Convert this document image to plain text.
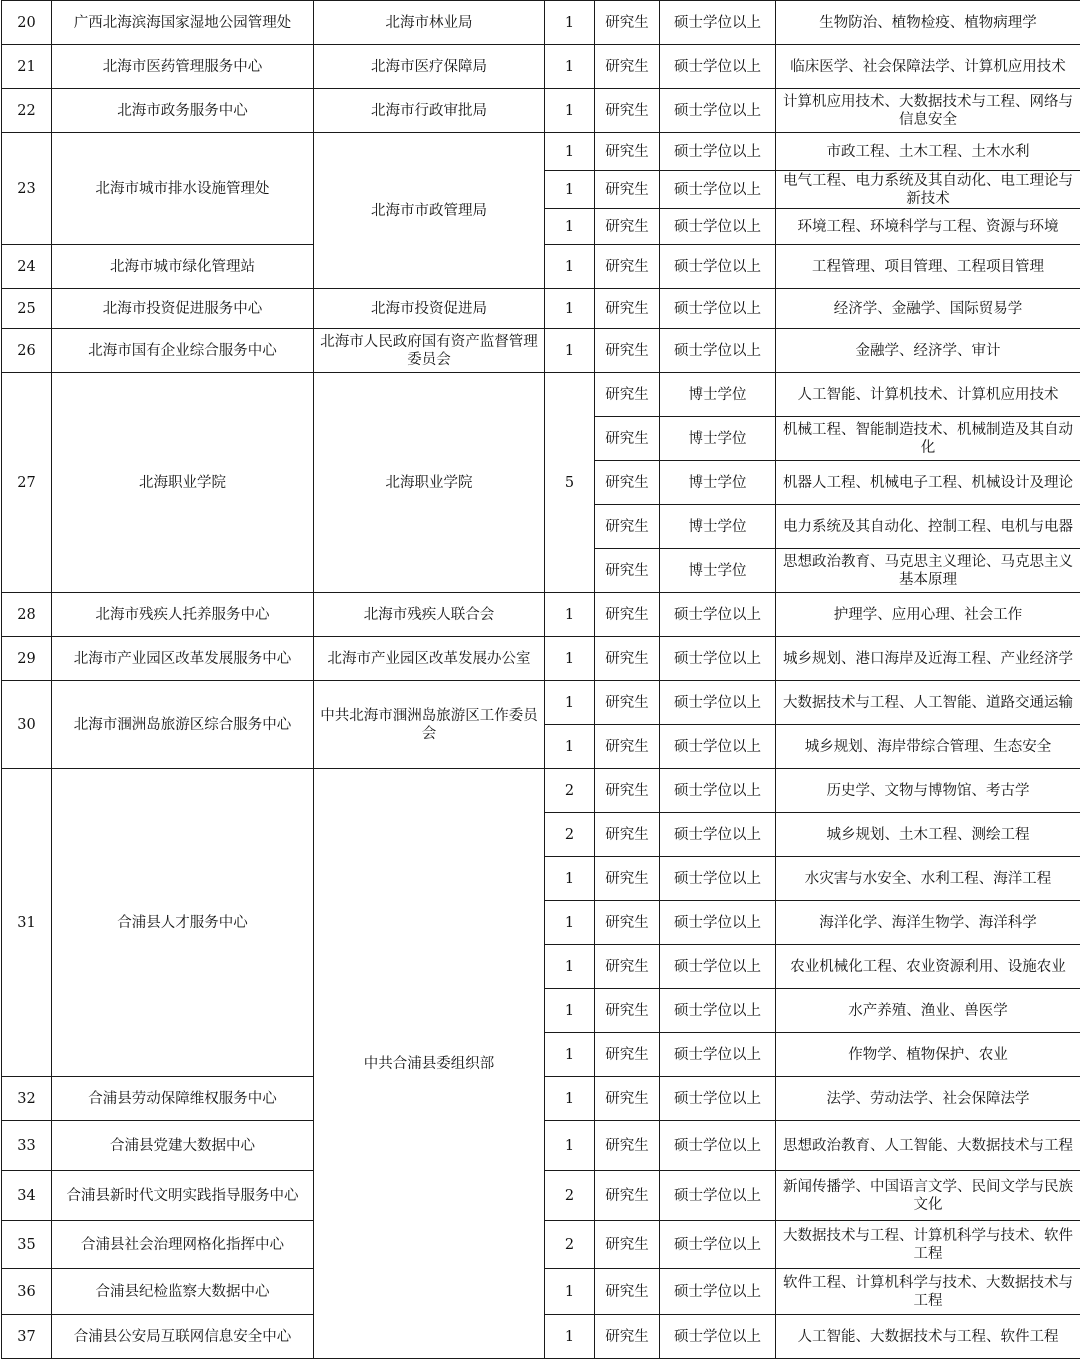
20	广西北海滨海国家湿地公园管理处	北海市林业局	1	研究生	硕士学位以上	生物防治、植物检疫、植物病理学
21	北海市医药管理服务中心	北海市医疗保障局	1	研究生	硕士学位以上	临床医学、社会保障法学、计算机应用技术
22	北海市政务服务中心	北海市行政审批局	1	研究生	硕士学位以上	计算机应用技术、大数据技术与工程、网络与信息安全
23	北海市城市排水设施管理处	北海市市政管理局	1	研究生	硕士学位以上	市政工程、土木工程、土木水利
			1	研究生	硕士学位以上	电气工程、电力系统及其自动化、电工理论与新技术
			1	研究生	硕士学位以上	环境工程、环境科学与工程、资源与环境
24	北海市城市绿化管理站		1	研究生	硕士学位以上	工程管理、项目管理、工程项目管理
25	北海市投资促进服务中心	北海市投资促进局	1	研究生	硕士学位以上	经济学、金融学、国际贸易学
26	北海市国有企业综合服务中心	北海市人民政府国有资产监督管理委员会	1	研究生	硕士学位以上	金融学、经济学、审计
27	北海职业学院	北海职业学院	5	研究生	博士学位	人工智能、计算机技术、计算机应用技术
				研究生	博士学位	机械工程、智能制造技术、机械制造及其自动化
				研究生	博士学位	机器人工程、机械电子工程、机械设计及理论
				研究生	博士学位	电力系统及其自动化、控制工程、电机与电器
				研究生	博士学位	思想政治教育、马克思主义理论、马克思主义基本原理
28	北海市残疾人托养服务中心	北海市残疾人联合会	1	研究生	硕士学位以上	护理学、应用心理、社会工作
29	北海市产业园区改革发展服务中心	北海市产业园区改革发展办公室	1	研究生	硕士学位以上	城乡规划、港口海岸及近海工程、产业经济学
30	北海市涠洲岛旅游区综合服务中心	中共北海市涠洲岛旅游区工作委员会	1	研究生	硕士学位以上	大数据技术与工程、人工智能、道路交通运输
			1	研究生	硕士学位以上	城乡规划、海岸带综合管理、生态安全
31	合浦县人才服务中心	中共合浦县委组织部	2	研究生	硕士学位以上	历史学、文物与博物馆、考古学
			2	研究生	硕士学位以上	城乡规划、土木工程、测绘工程
			1	研究生	硕士学位以上	水灾害与水安全、水利工程、海洋工程
			1	研究生	硕士学位以上	海洋化学、海洋生物学、海洋科学
			1	研究生	硕士学位以上	农业机械化工程、农业资源利用、设施农业
			1	研究生	硕士学位以上	水产养殖、渔业、兽医学
			1	研究生	硕士学位以上	作物学、植物保护、农业
32	合浦县劳动保障维权服务中心		1	研究生	硕士学位以上	法学、劳动法学、社会保障法学
33	合浦县党建大数据中心		1	研究生	硕士学位以上	思想政治教育、人工智能、大数据技术与工程
34	合浦县新时代文明实践指导服务中心		2	研究生	硕士学位以上	新闻传播学、中国语言文学、民间文学与民族文化
35	合浦县社会治理网格化指挥中心		2	研究生	硕士学位以上	大数据技术与工程、计算机科学与技术、软件工程
36	合浦县纪检监察大数据中心		1	研究生	硕士学位以上	软件工程、计算机科学与技术、大数据技术与工程
37	合浦县公安局互联网信息安全中心		1	研究生	硕士学位以上	人工智能、大数据技术与工程、软件工程
